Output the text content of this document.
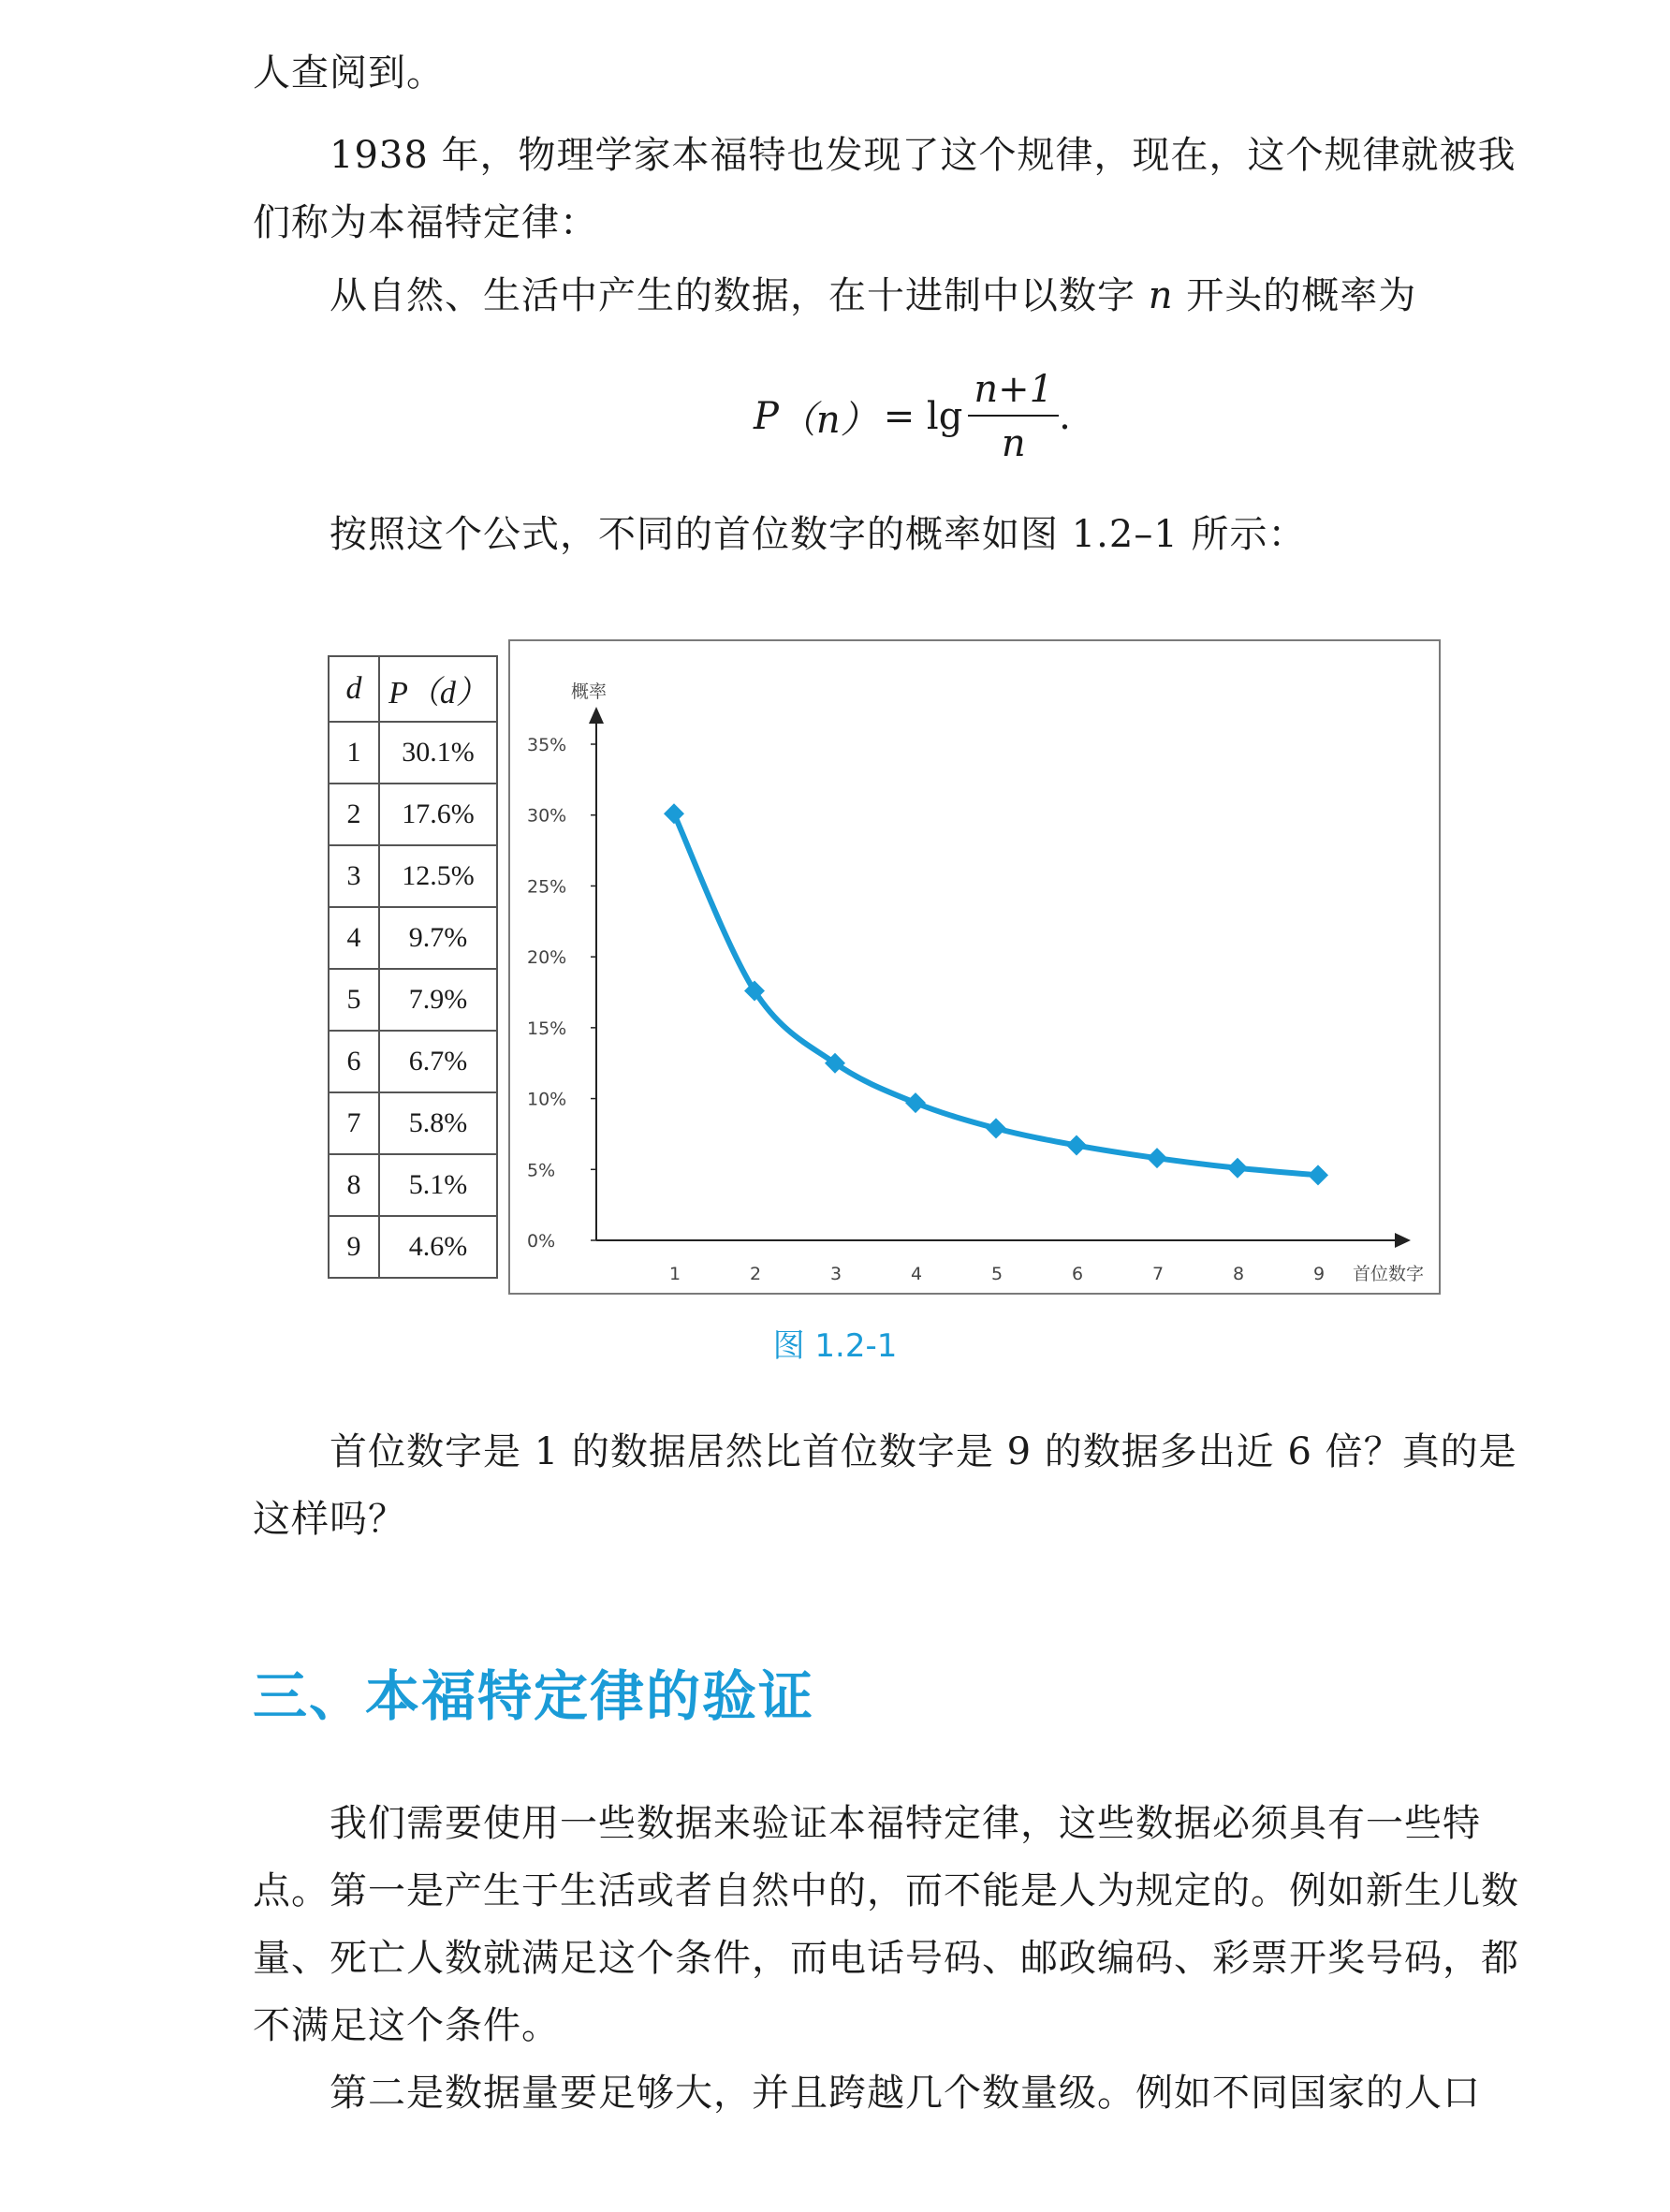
人查阅到。

1938 年，物理学家本福特也发现了这个规律，现在，这个规律就被我们称为本福特定律：

从自然、生活中产生的数据，在十进制中以数字 n 开头的概率为

P $(n) = \lg \frac{n+1}{n}$ .

按照这个公式，不同的首位数字的概率如图 1.2–1 所示：

d	P（d）
1	30.1%
2	17.6%
3	12.5%
4	9.7%
5	7.9%
6	6.7%
7	5.8%
8	5.1%
9	4.6%	0%
5%
10%
15%
20%
25%
30%
35%
概率
1	2	3	4	5	6	7	8	9 首位数字
图 1.2-1

首位数字是 1 的数据居然比首位数字是 9 的数据多出近 6 倍？真的是这样吗？

三、本福特定律的验证

我们需要使用一些数据来验证本福特定律，这些数据必须具有一些特点。 第一是产生于生活或者自然中的，而不能是人为规定的。例如新生儿数量、死亡人数就满足这个条件，而电话号码、邮政编码、彩票开奖号码，都不满足这个条件。

第二是数据量要足够大，并且跨越几个数量级。例如不同国家的人口
